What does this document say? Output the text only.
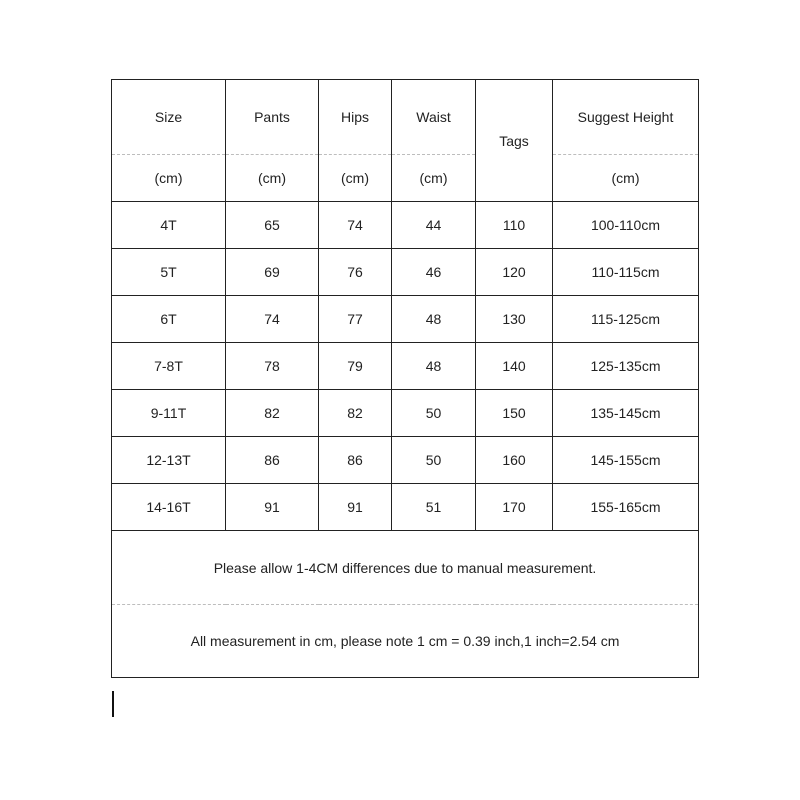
Size	Pants	Hips	Waist	Tags	Suggest Height
(cm)	(cm)	(cm)	(cm)		(cm)
4T	65	74	44	110	100-110cm
5T	69	76	46	120	110-115cm
6T	74	77	48	130	115-125cm
7-8T	78	79	48	140	125-135cm
9-11T	82	82	50	150	135-145cm
12-13T	86	86	50	160	145-155cm
14-16T	91	91	51	170	155-165cm
Please allow 1-4CM differences due to manual measurement.					
All measurement in cm, please note 1 cm = 0.39 inch,1 inch=2.54 cm					
